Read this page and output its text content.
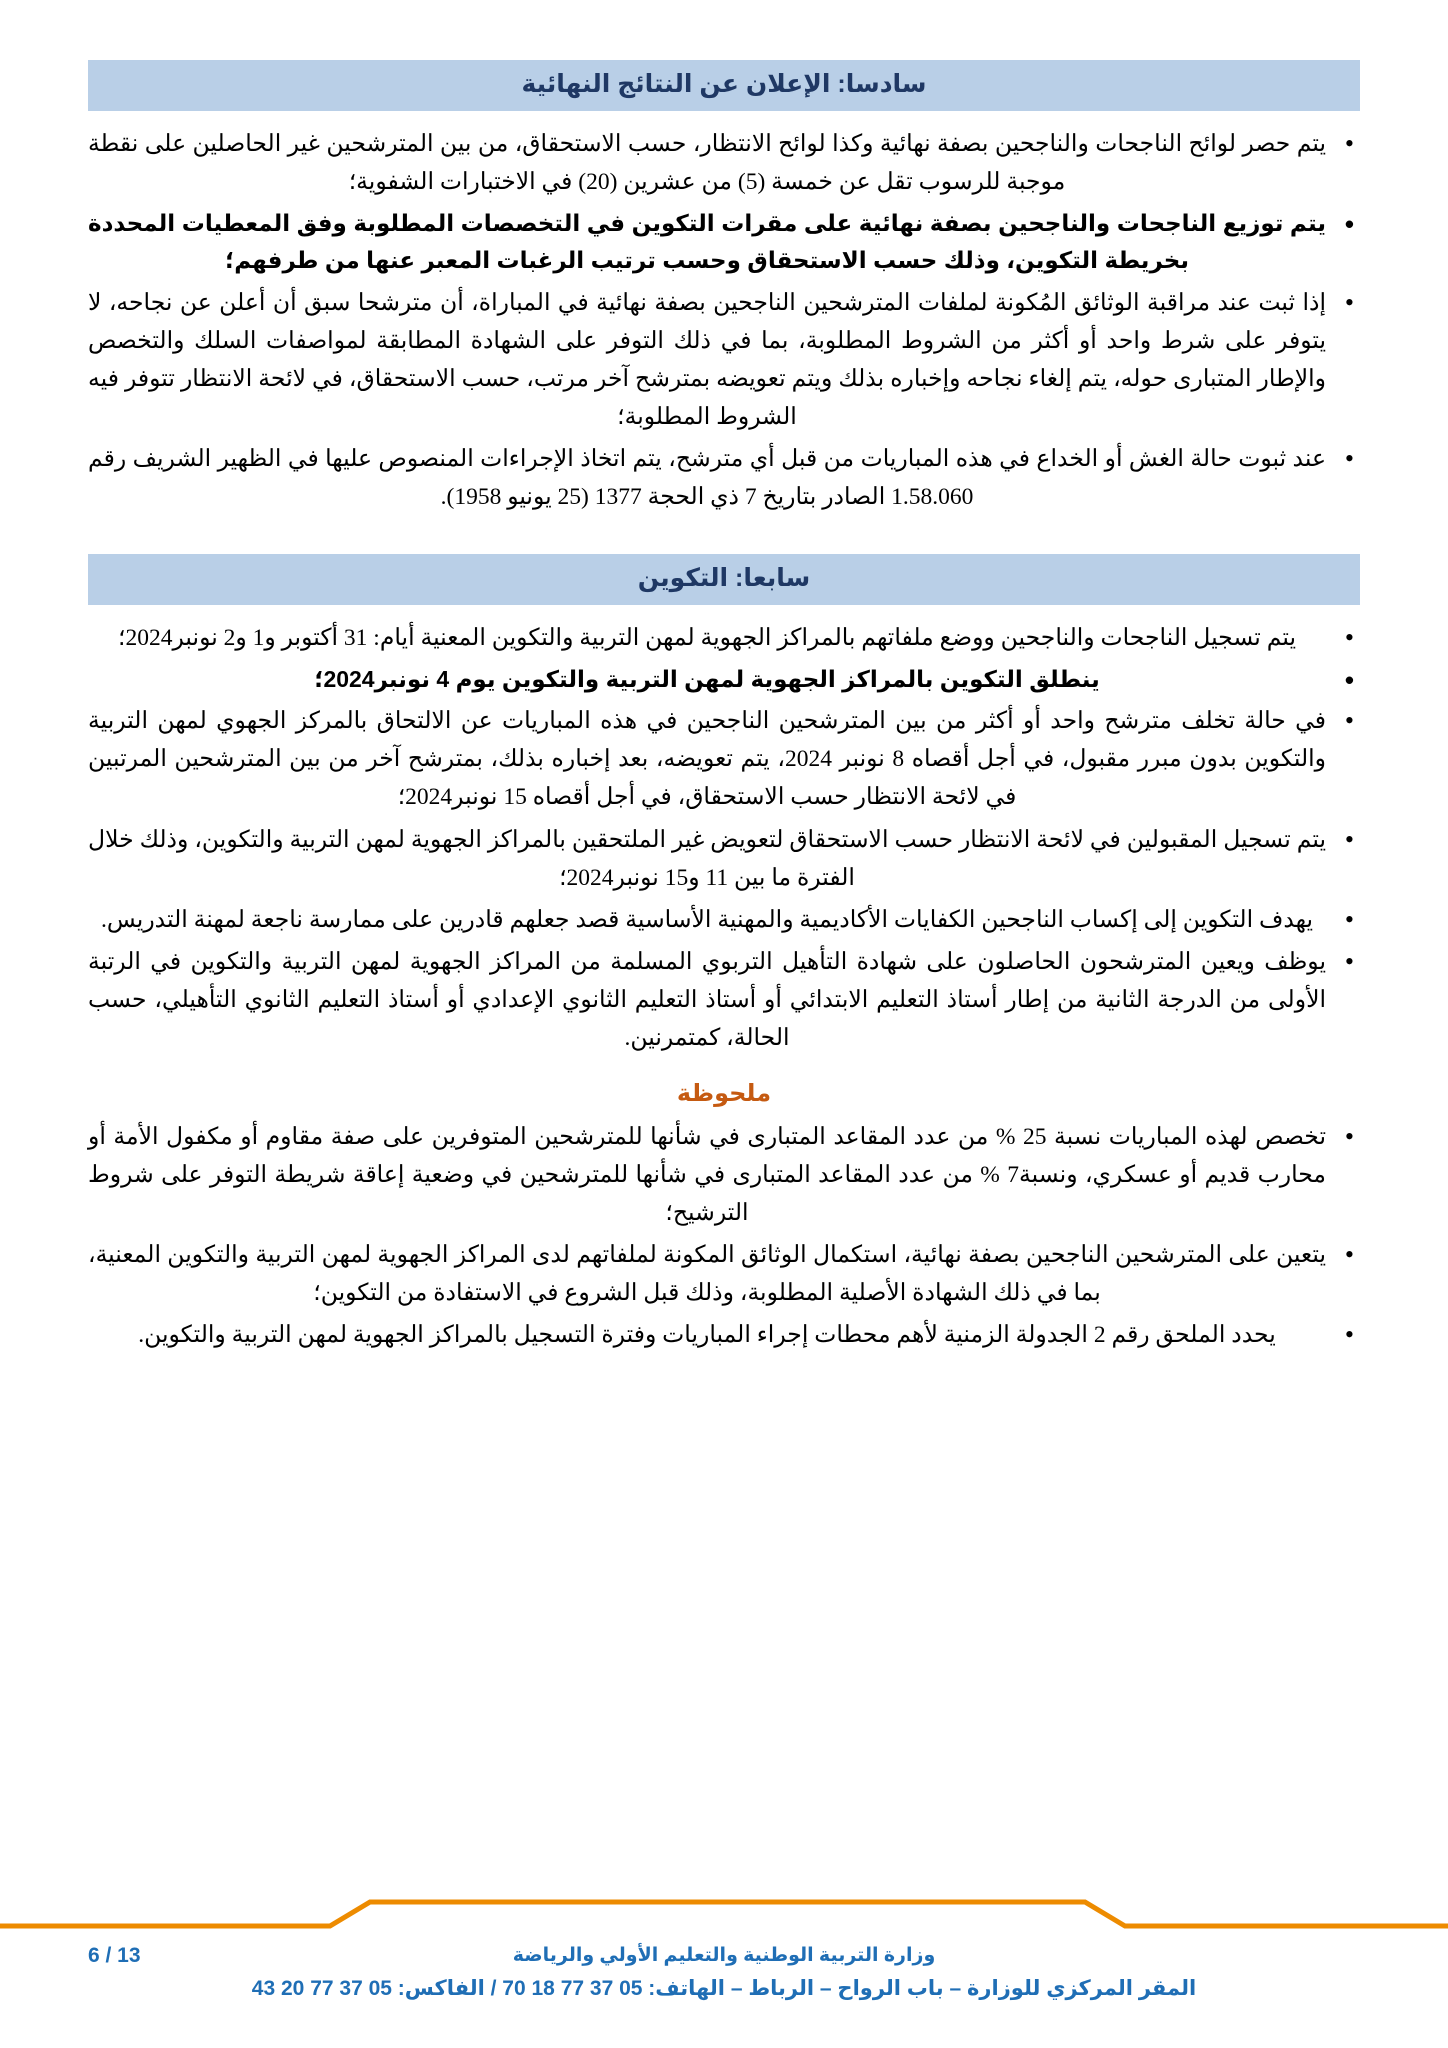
سادسا: الإعلان عن النتائج النهائية
• يتم حصر لوائح الناجحات والناجحين بصفة نهائية وكذا لوائح الانتظار، حسب الاستحقاق، من بين المترشحين غير الحاصلين على نقطة موجبة للرسوب تقل عن خمسة (5) من عشرين (20) في الاختبارات الشفوية؛
• يتم توزيع الناجحات والناجحين بصفة نهائية على مقرات التكوين في التخصصات المطلوبة وفق المعطيات المحددة بخريطة التكوين، وذلك حسب الاستحقاق وحسب ترتيب الرغبات المعبر عنها من طرفهم؛
• إذا ثبت عند مراقبة الوثائق المُكونة لملفات المترشحين الناجحين بصفة نهائية في المباراة، أن مترشحا سبق أن أعلن عن نجاحه، لا يتوفر على شرط واحد أو أكثر من الشروط المطلوبة، بما في ذلك التوفر على الشهادة المطابقة لمواصفات السلك والتخصص والإطار المتبارى حوله، يتم إلغاء نجاحه وإخباره بذلك ويتم تعويضه بمترشح آخر مرتب، حسب الاستحقاق، في لائحة الانتظار تتوفر فيه الشروط المطلوبة؛
• عند ثبوت حالة الغش أو الخداع في هذه المباريات من قبل أي مترشح، يتم اتخاذ الإجراءات المنصوص عليها في الظهير الشريف رقم 1.58.060 الصادر بتاريخ 7 ذي الحجة 1377 (25 يونيو 1958).
سابعا: التكوين
• يتم تسجيل الناجحات والناجحين ووضع ملفاتهم بالمراكز الجهوية لمهن التربية والتكوين المعنية أيام: 31 أكتوبر و1 و2 نونبر2024؛
• ينطلق التكوين بالمراكز الجهوية لمهن التربية والتكوين يوم 4 نونبر2024؛
• في حالة تخلف مترشح واحد أو أكثر من بين المترشحين الناجحين في هذه المباريات عن الالتحاق بالمركز الجهوي لمهن التربية والتكوين بدون مبرر مقبول، في أجل أقصاه 8 نونبر 2024، يتم تعويضه، بعد إخباره بذلك، بمترشح آخر من بين المترشحين المرتبين في لائحة الانتظار حسب الاستحقاق، في أجل أقصاه 15 نونبر2024؛
• يتم تسجيل المقبولين في لائحة الانتظار حسب الاستحقاق لتعويض غير الملتحقين بالمراكز الجهوية لمهن التربية والتكوين، وذلك خلال الفترة ما بين 11 و15 نونبر2024؛
• يهدف التكوين إلى إكساب الناجحين الكفايات الأكاديمية والمهنية الأساسية قصد جعلهم قادرين على ممارسة ناجعة لمهنة التدريس.
• يوظف ويعين المترشحون الحاصلون على شهادة التأهيل التربوي المسلمة من المراكز الجهوية لمهن التربية والتكوين في الرتبة الأولى من الدرجة الثانية من إطار أستاذ التعليم الابتدائي أو أستاذ التعليم الثانوي الإعدادي أو أستاذ التعليم الثانوي التأهيلي، حسب الحالة، كمتمرنين.
ملحوظة
• تخصص لهذه المباريات نسبة 25 % من عدد المقاعد المتبارى في شأنها للمترشحين المتوفرين على صفة مقاوم أو مكفول الأمة أو محارب قديم أو عسكري، ونسبة7 % من عدد المقاعد المتبارى في شأنها للمترشحين في وضعية إعاقة شريطة التوفر على شروط الترشيح؛
• يتعين على المترشحين الناجحين بصفة نهائية، استكمال الوثائق المكونة لملفاتهم لدى المراكز الجهوية لمهن التربية والتكوين المعنية، بما في ذلك الشهادة الأصلية المطلوبة، وذلك قبل الشروع في الاستفادة من التكوين؛
• يحدد الملحق رقم 2 الجدولة الزمنية لأهم محطات إجراء المباريات وفترة التسجيل بالمراكز الجهوية لمهن التربية والتكوين.
6 / 13	وزارة التربية الوطنية والتعليم الأولي والرياضة
المقر المركزي للوزارة – باب الرواح – الرباط – الهاتف: 05 37 77 18 70 / الفاكس: 05 37 77 20 43
